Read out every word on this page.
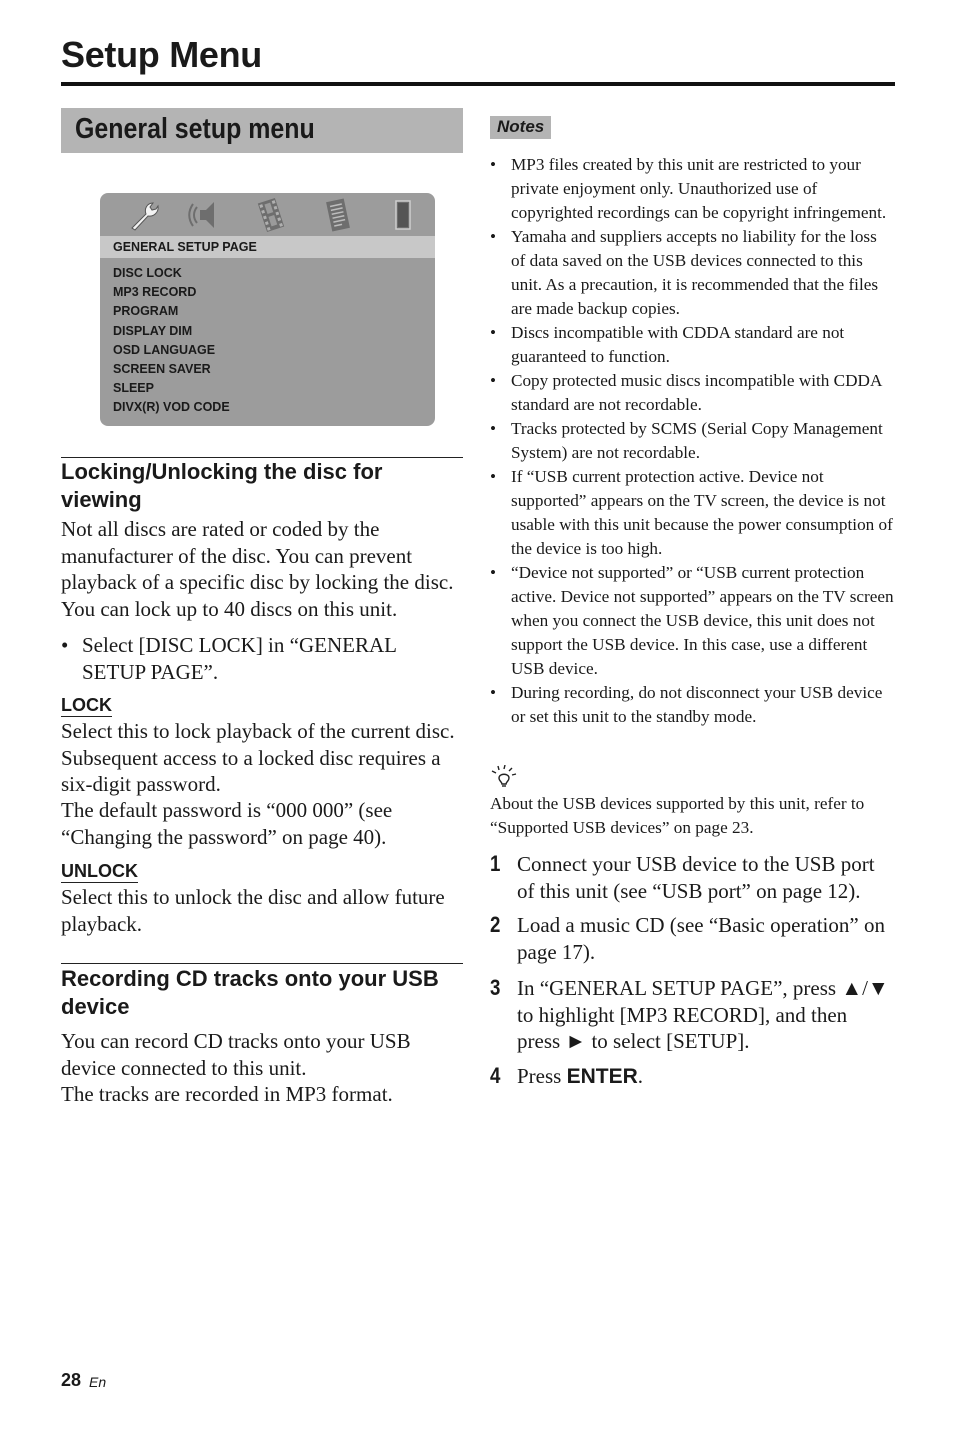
Setup Menu
General setup menu
GENERAL SETUP PAGE
DISC LOCK
MP3 RECORD
PROGRAM
DISPLAY DIM
OSD LANGUAGE
SCREEN SAVER
SLEEP
DIVX(R) VOD CODE
Locking/Unlocking the disc for viewing

Not all discs are rated or coded by the manufacturer of the disc. You can prevent playback of a specific disc by locking the disc. You can lock up to 40 discs on this unit.

• Select [DISC LOCK] in “GENERAL SETUP PAGE”.
LOCK

Select this to lock playback of the current disc. Subsequent access to a locked disc requires a six-digit password.

The default password is “000 000” (see “Changing the password” on page 40).

UNLOCK

Select this to unlock the disc and allow future playback.

Recording CD tracks onto your USB device

You can record CD tracks onto your USB device connected to this unit.

The tracks are recorded in MP3 format.

Notes
• MP3 files created by this unit are restricted to your private enjoyment only. Unauthorized use of copyrighted recordings can be copyright infringement.
• Yamaha and suppliers accepts no liability for the loss of data saved on the USB devices connected to this unit. As a precaution, it is recommended that the files are made backup copies.
• Discs incompatible with CDDA standard are not guaranteed to function.
• Copy protected music discs incompatible with CDDA standard are not recordable.
• Tracks protected by SCMS (Serial Copy Management System) are not recordable.
• If “USB current protection active. Device not supported” appears on the TV screen, the device is not usable with this unit because the power consumption of the device is too high.
• “Device not supported” or “USB current protection active. Device not supported” appears on the TV screen when you connect the USB device, this unit does not support the USB device. In this case, use a different USB device.
• During recording, do not disconnect your USB device or set this unit to the standby mode.

About the USB devices supported by this unit, refer to “Supported USB devices” on page 23.

1 Connect your USB device to the USB port of this unit (see “USB port” on page 12).
2 Load a music CD (see “Basic operation” on page 17).
3 In “GENERAL SETUP PAGE”, press ▲/▼ to highlight [MP3 RECORD], and then press ► to select [SETUP].
4 Press ENTER.
28 En
